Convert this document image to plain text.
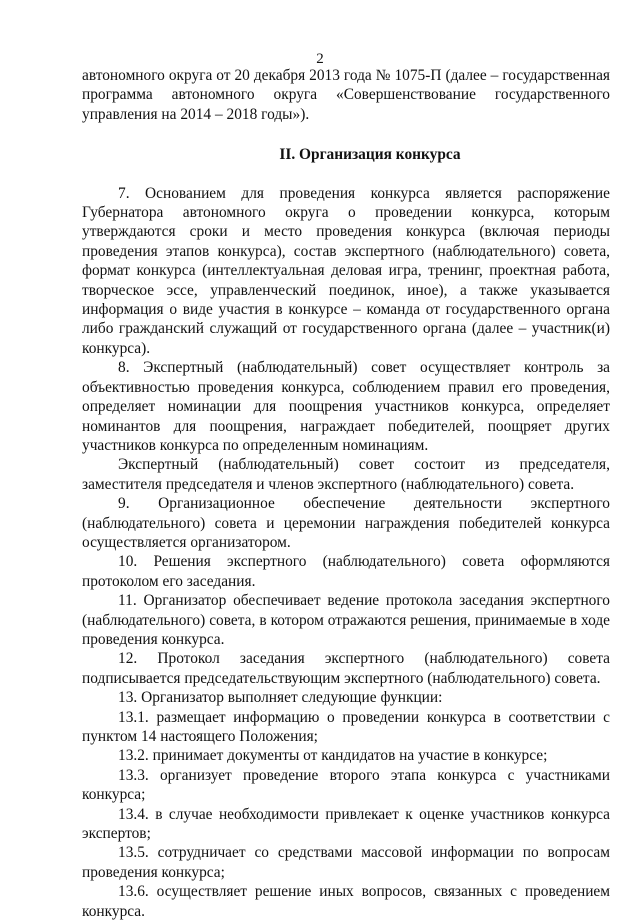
2

автономного округа от 20 декабря 2013 года № 1075-П (далее – государственная программа автономного округа «Совершенствование государственного управления на 2014 – 2018 годы»).

II. Организация конкурса

7. Основанием для проведения конкурса является распоряжение Губернатора автономного округа о проведении конкурса, которым утверждаются сроки и место проведения конкурса (включая периоды проведения этапов конкурса), состав экспертного (наблюдательного) совета, формат конкурса (интеллектуальная деловая игра, тренинг, проектная работа, творческое эссе, управленческий поединок, иное), а также указывается информация о виде участия в конкурсе – команда от государственного органа либо гражданский служащий от государственного органа (далее – участник(и) конкурса).

8. Экспертный (наблюдательный) совет осуществляет контроль за объективностью проведения конкурса, соблюдением правил его проведения, определяет номинации для поощрения участников конкурса, определяет номинантов для поощрения, награждает победителей, поощряет других участников конкурса по определенным номинациям.

Экспертный (наблюдательный) совет состоит из председателя, заместителя председателя и членов экспертного (наблюдательного) совета.

9. Организационное обеспечение деятельности экспертного (наблюдательного) совета и церемонии награждения победителей конкурса осуществляется организатором.

10. Решения экспертного (наблюдательного) совета оформляются протоколом его заседания.

11. Организатор обеспечивает ведение протокола заседания экспертного (наблюдательного) совета, в котором отражаются решения, принимаемые в ходе проведения конкурса.

12. Протокол заседания экспертного (наблюдательного) совета подписывается председательствующим экспертного (наблюдательного) совета.

13. Организатор выполняет следующие функции:

13.1. размещает информацию о проведении конкурса в соответствии с пунктом 14 настоящего Положения;

13.2. принимает документы от кандидатов на участие в конкурсе;

13.3. организует проведение второго этапа конкурса с участниками конкурса;

13.4. в случае необходимости привлекает к оценке участников конкурса экспертов;

13.5. сотрудничает со средствами массовой информации по вопросам проведения конкурса;

13.6. осуществляет решение иных вопросов, связанных с проведением конкурса.
